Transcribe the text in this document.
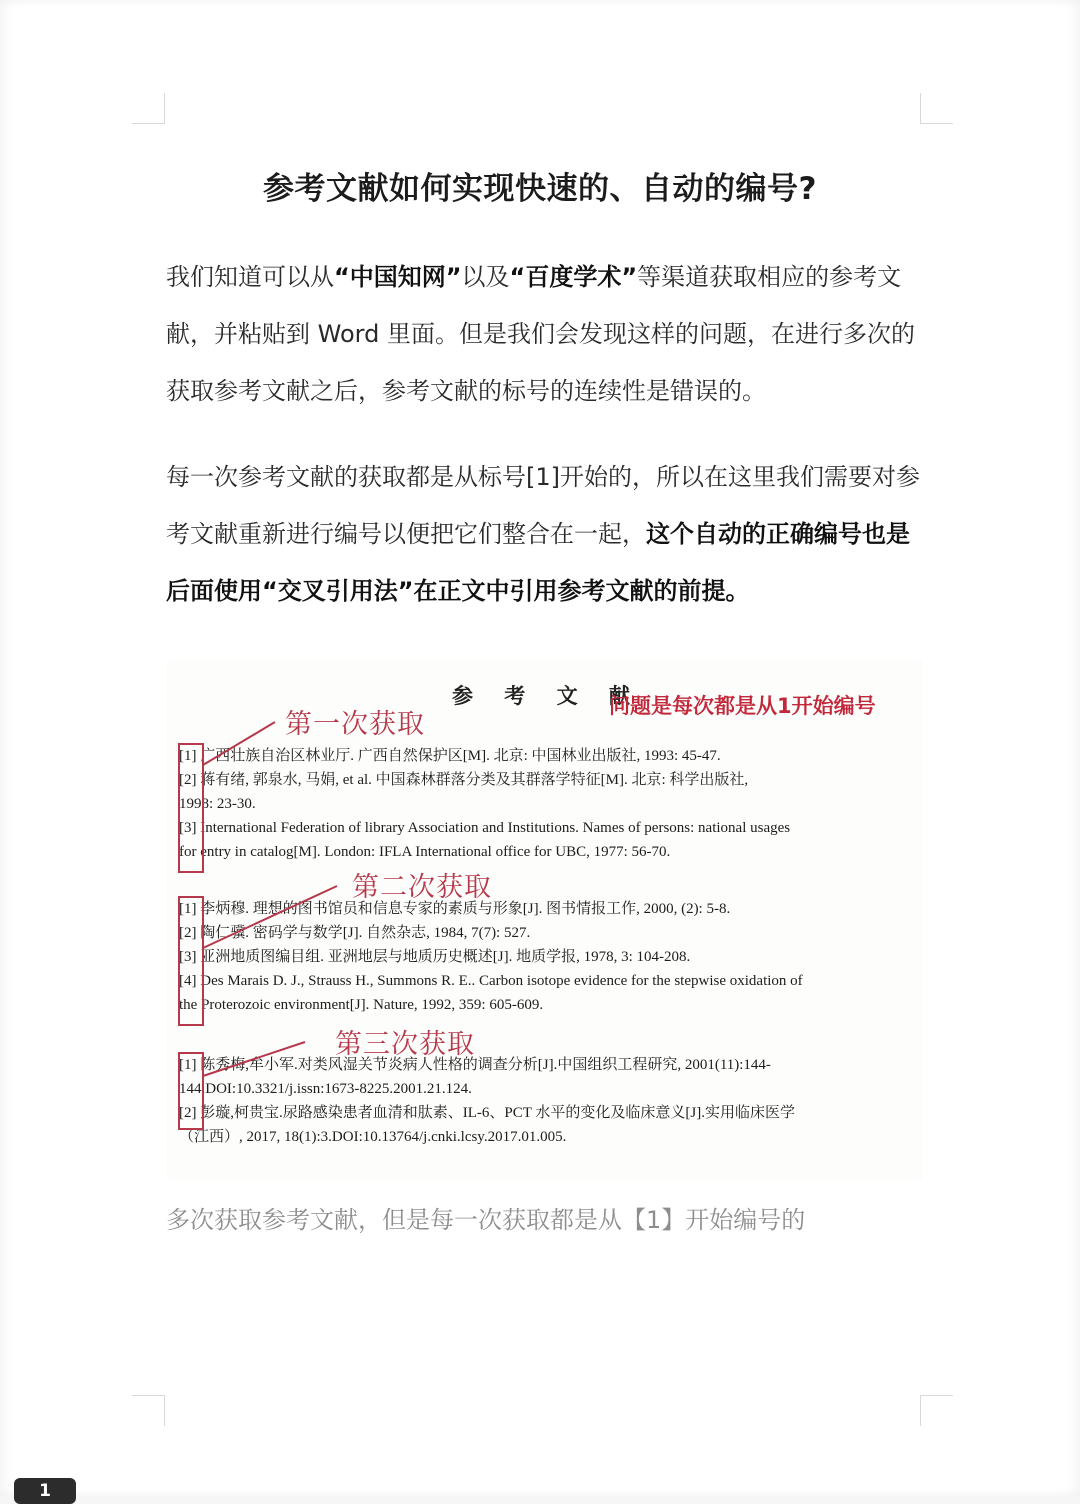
参考文献如何实现快速的、自动的编号?
我们知道可以从“中国知网”以及“百度学术”等渠道获取相应的参考文献，并粘贴到 Word 里面。但是我们会发现这样的问题，在进行多次的获取参考文献之后，参考文献的标号的连续性是错误的。
每一次参考文献的获取都是从标号[1]开始的，所以在这里我们需要对参考文献重新进行编号以便把它们整合在一起，这个自动的正确编号也是后面使用“交叉引用法”在正文中引用参考文献的前提。
参 考 文 献
问题是每次都是从1开始编号
第一次获取
第二次获取
第三次获取
[1] 广西壮族自治区林业厅. 广西自然保护区[M]. 北京: 中国林业出版社, 1993: 45-47.
[2] 蒋有绪, 郭泉水, 马娟, et al. 中国森林群落分类及其群落学特征[M]. 北京: 科学出版社,
1998: 23-30.
[3] International Federation of library Association and Institutions. Names of persons: national usages
for entry in catalog[M]. London: IFLA International office for UBC, 1977: 56-70.
[1] 李炳穆. 理想的图书馆员和信息专家的素质与形象[J]. 图书情报工作, 2000, (2): 5-8.
[2] 陶仁骥. 密码学与数学[J]. 自然杂志, 1984, 7(7): 527.
[3] 亚洲地质图编目组. 亚洲地层与地质历史概述[J]. 地质学报, 1978, 3: 104-208.
[4] Des Marais D. J., Strauss H., Summons R. E.. Carbon isotope evidence for the stepwise oxidation of
the Proterozoic environment[J]. Nature, 1992, 359: 605-609.
[1] 陈秀梅,牟小军.对类风湿关节炎病人性格的调查分析[J].中国组织工程研究, 2001(11):144-
144.DOI:10.3321/j.issn:1673-8225.2001.21.124.
[2] 彭璇,柯贵宝.尿路感染患者血清和肽素、IL-6、PCT 水平的变化及临床意义[J].实用临床医学
（江西）, 2017, 18(1):3.DOI:10.13764/j.cnki.lcsy.2017.01.005.
多次获取参考文献，但是每一次获取都是从【1】开始编号的
1
